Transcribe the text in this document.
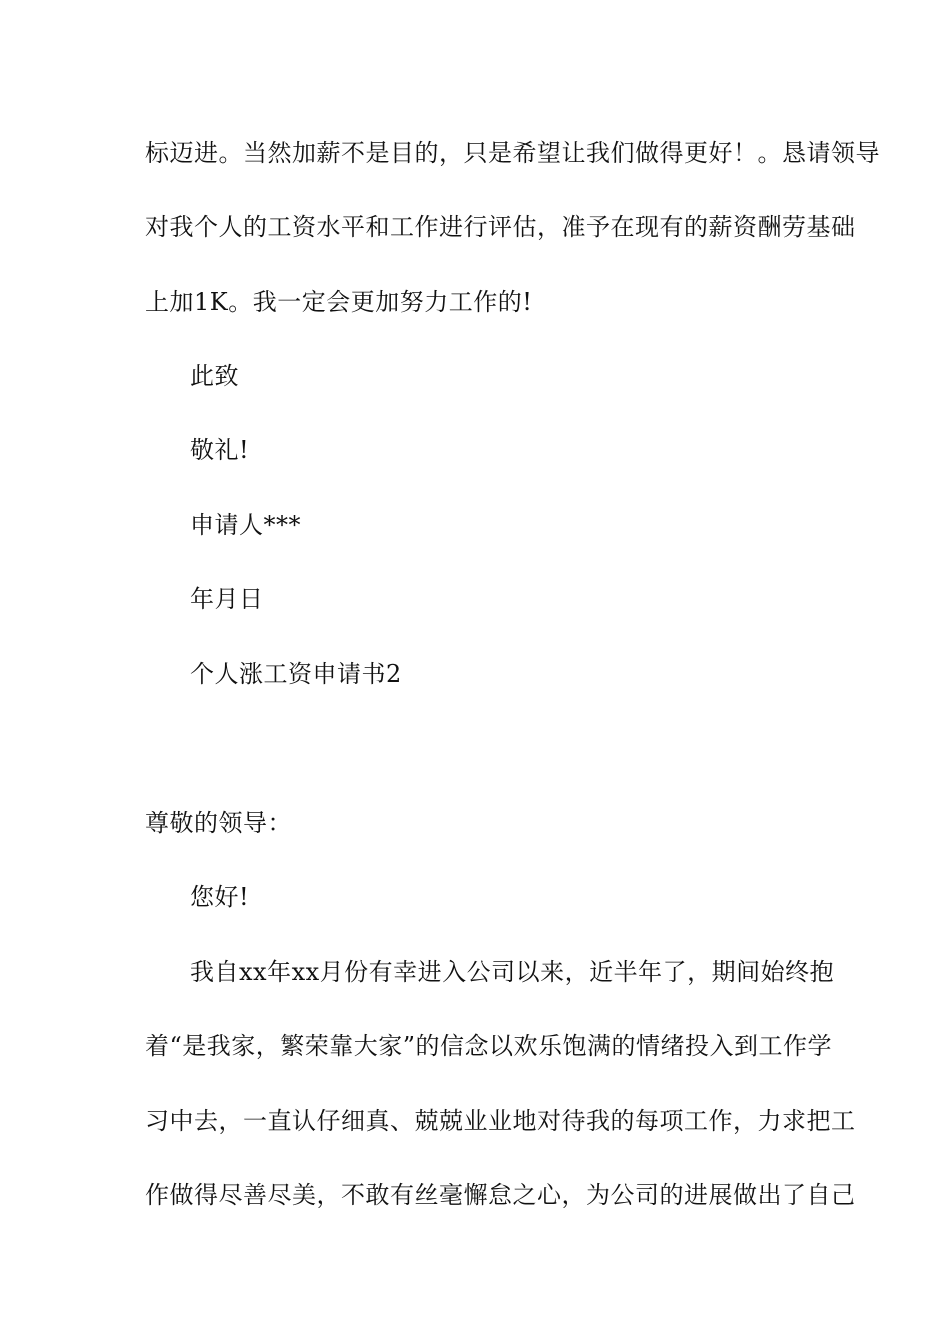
标迈进。当然加薪不是目的，只是希望让我们做得更好！。恳请领导
对我个人的工资水平和工作进行评估，准予在现有的薪资酬劳基础
上加1K。我一定会更加努力工作的!
此致
敬礼!
申请人***
年月日
个人涨工资申请书2
尊敬的领导：
您好!
我自xx年xx月份有幸进入公司以来，近半年了，期间始终抱
着“是我家，繁荣靠大家”的信念以欢乐饱满的情绪投入到工作学
习中去，一直认仔细真、兢兢业业地对待我的每项工作，力求把工
作做得尽善尽美，不敢有丝毫懈怠之心，为公司的进展做出了自己
